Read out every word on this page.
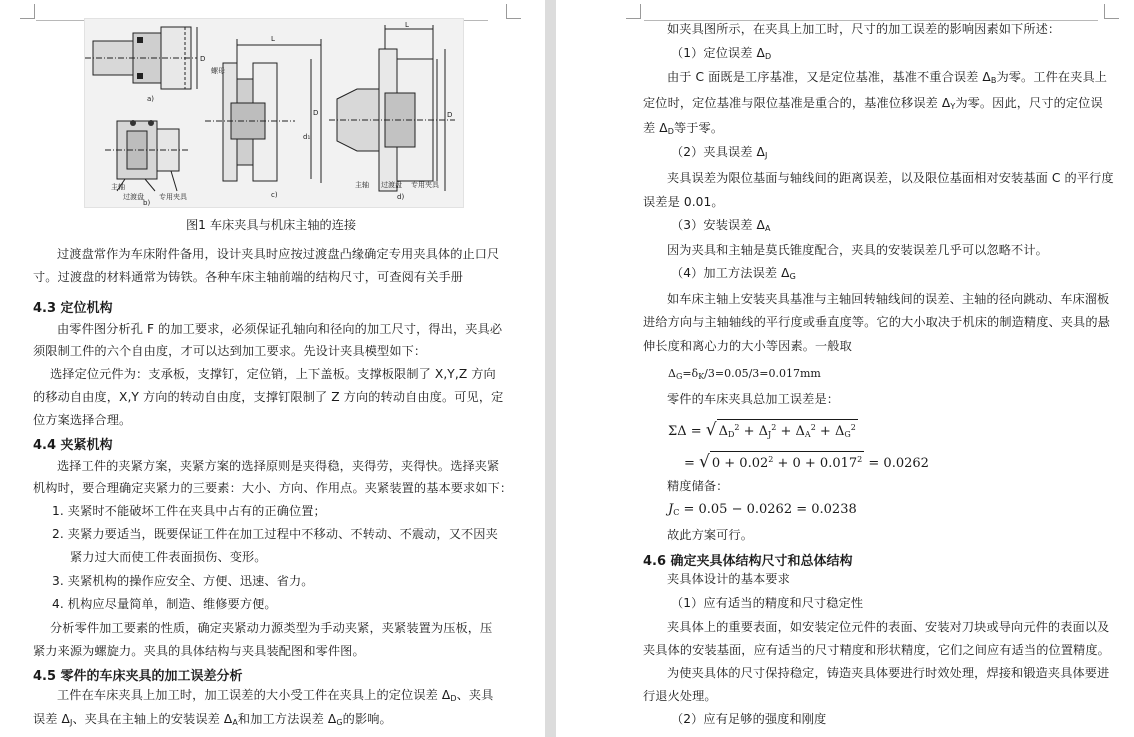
a)
D
主轴
过渡盘 专用夹具
b)
L
螺母
D
d₁
c)
L
D
主轴 过渡盘 专用夹具
d)
图1 车床夹具与机床主轴的连接
过渡盘常作为车床附件备用，设计夹具时应按过渡盘凸缘确定专用夹具体的止口尺
寸。过渡盘的材料通常为铸铁。各种车床主轴前端的结构尺寸，可查阅有关手册
4.3 定位机构
由零件图分析孔 F 的加工要求，必须保证孔轴向和径向的加工尺寸，得出，夹具必
须限制工件的六个自由度，才可以达到加工要求。先设计夹具模型如下：
选择定位元件为：支承板，支撑钉，定位销，上下盖板。支撑板限制了 X,Y,Z 方向
的移动自由度，X,Y 方向的转动自由度，支撑钉限制了 Z 方向的转动自由度。可见，定
位方案选择合理。
4.4 夹紧机构
选择工件的夹紧方案，夹紧方案的选择原则是夹得稳，夹得劳，夹得快。选择夹紧
机构时，要合理确定夹紧力的三要素：大小、方向、作用点。夹紧装置的基本要求如下：
1. 夹紧时不能破坏工件在夹具中占有的正确位置；
2. 夹紧力要适当，既要保证工件在加工过程中不移动、不转动、不震动，又不因夹
紧力过大而使工件表面损伤、变形。
3. 夹紧机构的操作应安全、方便、迅速、省力。
4. 机构应尽量简单，制造、维修要方便。
分析零件加工要素的性质，确定夹紧动力源类型为手动夹紧，夹紧装置为压板，压
紧力来源为螺旋力。夹具的具体结构与夹具装配图和零件图。
4.5 零件的车床夹具的加工误差分析
工件在车床夹具上加工时，加工误差的大小受工件在夹具上的定位误差 ΔD、夹具
误差 ΔJ、夹具在主轴上的安装误差 ΔA和加工方法误差 ΔG的影响。
如夹具图所示，在夹具上加工时，尺寸的加工误差的影响因素如下所述：
（1）定位误差 ΔD
由于 C 面既是工序基准，又是定位基准，基准不重合误差 ΔB为零。工件在夹具上
定位时，定位基准与限位基准是重合的，基准位移误差 ΔY为零。因此，尺寸的定位误
差 ΔD等于零。
（2）夹具误差 ΔJ
夹具误差为限位基面与轴线间的距离误差，以及限位基面相对安装基面 C 的平行度
误差是 0.01。
（3）安装误差 ΔA
因为夹具和主轴是莫氏锥度配合，夹具的安装误差几乎可以忽略不计。
（4）加工方法误差 ΔG
如车床主轴上安装夹具基准与主轴回转轴线间的误差、主轴的径向跳动、车床溜板
进给方向与主轴轴线的平行度或垂直度等。它的大小取决于机床的制造精度、夹具的悬
伸长度和离心力的大小等因素。一般取
$\Delta_G=\delta_K/3=0.05/3=0.017mm$
零件的车床夹具总加工误差是：
ΣΔ = √ $\Delta_D^2 + \Delta_J^2 + \Delta_A^2 + \Delta_G^2$
= √ $0 + 0.02^2 + 0 + 0.017^2 = 0.0262$
精度储备：
$J_C = 0.05 - 0.0262 = 0.0238$
故此方案可行。
4.6 确定夹具体结构尺寸和总体结构
夹具体设计的基本要求
（1）应有适当的精度和尺寸稳定性
夹具体上的重要表面，如安装定位元件的表面、安装对刀块或导向元件的表面以及
夹具体的安装基面，应有适当的尺寸精度和形状精度，它们之间应有适当的位置精度。
为使夹具体的尺寸保持稳定，铸造夹具体要进行时效处理，焊接和锻造夹具体要进
行退火处理。
（2）应有足够的强度和刚度
